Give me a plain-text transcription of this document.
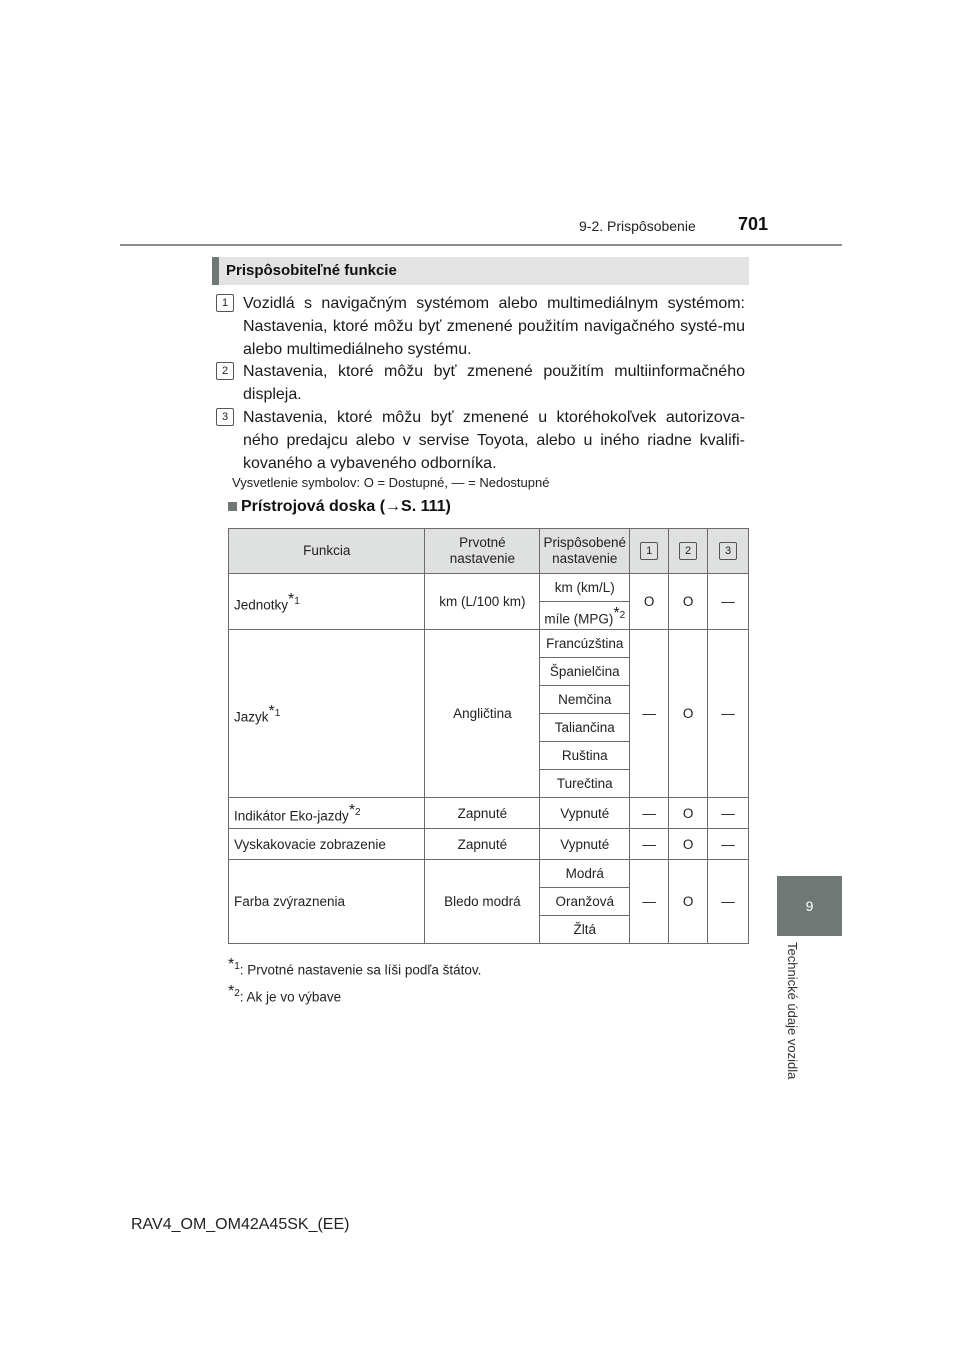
9-2. Prispôsobenie 701
9
Technické údaje vozidla
Prispôsobiteľné funkcie
1 Vozidlá s navigačným systémom alebo multimediálnym systémom: Nastavenia, ktoré môžu byť zmenené použitím navigačného systé-mu alebo multimediálneho systému.
2 Nastavenia, ktoré môžu byť zmenené použitím multiinformačného displeja.
3 Nastavenia, ktoré môžu byť zmenené u ktoréhokoľvek autorizova-ného predajcu alebo v servise Toyota, alebo u iného riadne kvalifi-kovaného a vybaveného odborníka.
Vysvetlenie symbolov: O = Dostupné, — = Nedostupné
Prístrojová doska (→S. 111)
Funkcia	Prvotné nastavenie	Prispôsobené nastavenie	1	2	3
Jednotky$^{*1}$	km (L/100 km)	km (km/L)	O	O	—
		míle (MPG)$^{*2}$
Jazyk$^{*1}$	Angličtina	Francúzština	—	O	—
		Španielčina			
		Nemčina			
		Taliančina			
		Ruština			
		Turečtina			
Indikátor Eko-jazdy$^{*2}$	Zapnuté	Vypnuté	—	O	—
Vyskakovacie zobrazenie	Zapnuté	Vypnuté	—	O	—
Farba zvýraznenia	Bledo modrá	Modrá	—	O	—
		Oranžová			
		Žltá			
$^{*1}$: Prvotné nastavenie sa líši podľa štátov.
$^{*2}$: Ak je vo výbave
RAV4_OM_OM42A45SK_(EE)
